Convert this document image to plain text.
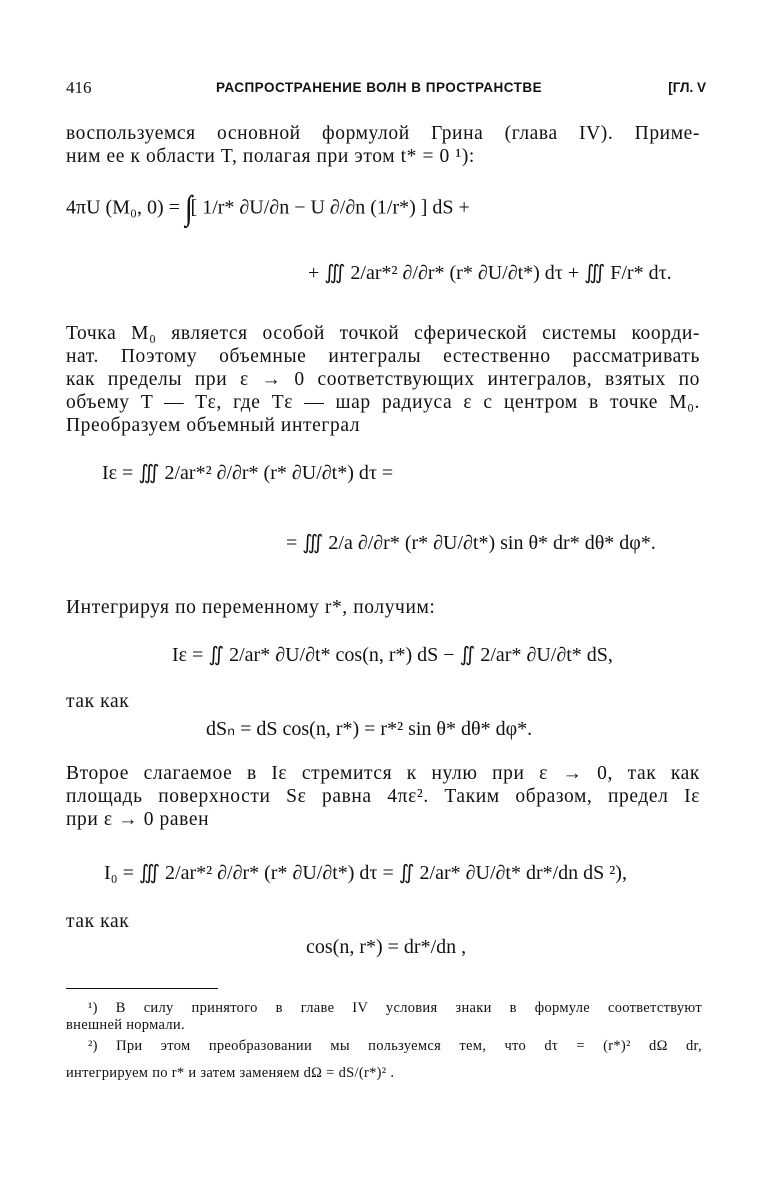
416	РАСПРОСТРАНЕНИЕ ВОЛН В ПРОСТРАНСТВЕ	[ГЛ. V
воспользуемся основной формулой Грина (глава IV). Приме-
ним ее к области T, полагая при этом t* = 0 ¹):
4πU (M₀, 0) = ∫∫ [ 1/r* ∂U/∂n − U ∂/∂n (1/r*) ] dS +
+ ∭ 2/ar*² ∂/∂r* (r* ∂U/∂t*) dτ + ∭ F/r* dτ.
Точка M₀ является особой точкой сферической системы коорди-
нат. Поэтому объемные интегралы естественно рассматривать
как пределы при ε → 0 соответствующих интегралов, взятых по
объему T — Tε, где Tε — шар радиуса ε с центром в точке M₀.
Преобразуем объемный интеграл
Iε = ∭ 2/ar*² ∂/∂r* (r* ∂U/∂t*) dτ =
= ∭ 2/a ∂/∂r* (r* ∂U/∂t*) sin θ* dr* dθ* dφ*.
Интегрируя по переменному r*, получим:
Iε = ∬ 2/ar* ∂U/∂t* cos(n, r*) dS − ∬ 2/ar* ∂U/∂t* dS,
так как
dSₙ = dS cos(n, r*) = r*² sin θ* dθ* dφ*.
Второе слагаемое в Iε стремится к нулю при ε → 0, так как
площадь поверхности Sε равна 4πε². Таким образом, предел Iε
при ε → 0 равен
I₀ = ∭ 2/ar*² ∂/∂r* (r* ∂U/∂t*) dτ = ∬ 2/ar* ∂U/∂t* dr*/dn dS ²),
так как
cos(n, r*) = dr*/dn ,
¹) В силу принятого в главе IV условия знаки в формуле соответствуют
внешней нормали.
²) При этом преобразовании мы пользуемся тем, что dτ = (r*)² dΩ dr,
интегрируем по r* и затем заменяем dΩ = dS/(r*)² .
